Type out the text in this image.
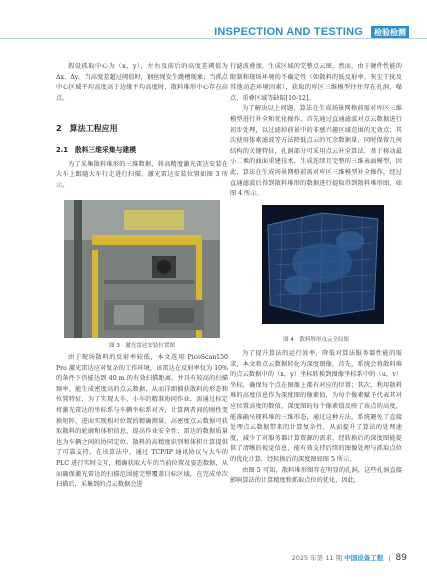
INSPECTION AND TESTING	检验检测

假设抓取中心为（x，y），左右及前后的高度差阈值为 Δx、Δy。当高度差超过阈值时，钢丝绳发生跳槽现象；当抓点中心区域平均高度高于边缘平均高度时，散料堆形中心存在高点。

2　算法工程应用
2.1　散料三维采集与建模

为了采集散料堆形的三维数据，将高精度激光雷达安装在大车上跟随大车行走进行扫描，激光雷达安装位置如图 3 所示。

图 3　激光雷达安装位置图

由于现场散料的反射率较低，本文选用 PicoScan150 Pro 激光雷达应对复杂的工作环境，该雷达在反射率仅为 10% 的条件下仍能达到 40 m 的有效扫描距离，并具有较高的扫描频率，能生成密度高的点云数据，从而详细捕获散料的形态和位置特征，为了实现大车、小车的精准协同作业，需通过标定将激光雷达的坐标系与车辆坐标系对齐，计算两者间的刚性变换矩阵，进而实现相对位置的精确测量。高密度点云数据可获取散料的轮廓和体积信息，提高作业安全性；雷达的数据质量也为车辆之间的协同定位、散料的高精度识别和体积计算提供了可靠支持。在该算法中，通过 TCP/IP 通讯协议与大车的 PLC 进行实时交互，精确获取大车的当前位置及姿态数据，从而确保激光雷达的扫描范围能完整覆盖目标区域，在完成单次扫描后，采集到的点云数据会进

行滤波叠加，生成区域的完整点云图，然而，由于硬件性能的限制和现场环境的不确定性（如散料的低反射率、灰尘干扰及其他动态环境因素），获取的库区三维模型往往存在孔洞、噪点、重叠区域等缺陷[10-12]。

为了解决以上问题，算法在生成场景网格前需对库区三维模型进行补全和优化操作，首先通过直通滤波对点云数据进行初步处理，以过滤掉前景中的非感兴趣区域范围的无效点；其次使用体素滤波等方法降低点云的冗余数据量，同时保留几何结构的关键特征，孔洞部分可采用点云补全算法，基于移动最小二乘的曲面重建技术，生成连续且完整的三维表面模型，因此，算法在生成场景网格前需对库区三维模型补全操作，经过直通滤波后得到散料堆形的数据进行提取得到散料堆形图，如图 4 所示。

图 4　散料堆形点云全局图

为了提升算法的运行效率，降低对算法服务器性能的需求，本文将点云数据转化为深度图像，首先，系统会将散料堆的点云数据中的（x，y）坐标转换到图像坐标系中的（u，v）坐标，确保每个点在图像上都有对应的位置；其次，利用散料堆的高度信息作为深度图的像素值，为每个像素赋予代表其对应位置高度的数值，深度图的每个像素值反映了该点的高度，能准确呈现料堆的三维形态，通过这种方法，系统避免了直接处理点云数据带来的计算复杂性，从而提升了算法的处理速度，减少了对服务器计算资源的需求，经转换后的深度图能提供了清晰的视觉信息，能有效支持后续的图像处理与抓取点位的优化计算，经转换后的深度图如图 5 所示。

由图 5 可知，散料堆形图存在明显的孔洞，这些孔洞直接影响算法的计算精度和抓取点位的优化，因此，

2025 年第 11 期 中国设备工程 | 89
